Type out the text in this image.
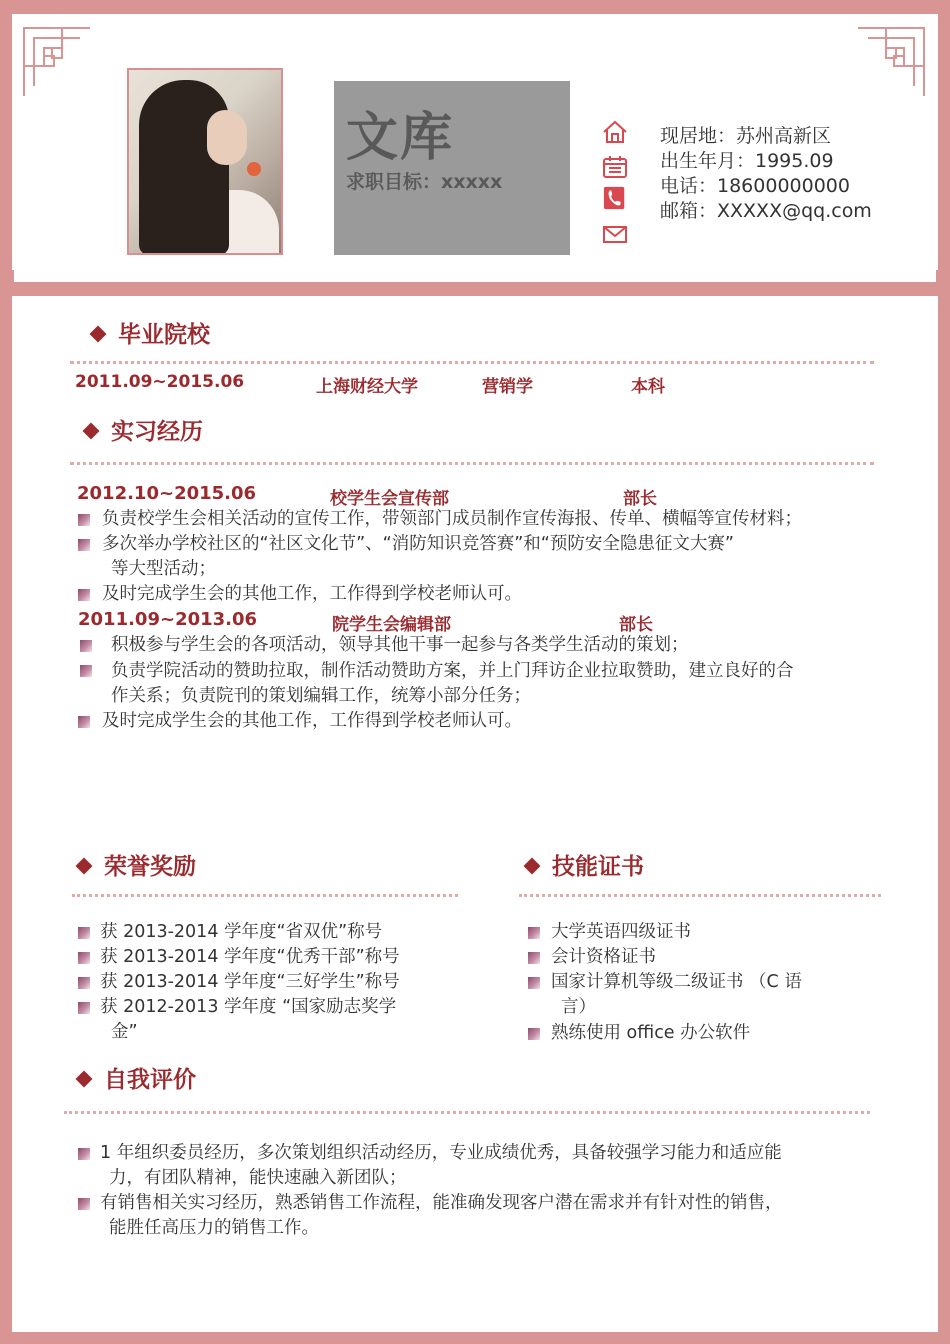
文库
求职目标：xxxxx
现居地：苏州高新区
出生年月：1995.09
电话：18600000000
邮箱：XXXXX@qq.com
毕业院校
2011.09~2015.06	上海财经大学	营销学	本科
实习经历
2012.10~2015.06	校学生会宣传部	部长
负责校学生会相关活动的宣传工作，带领部门成员制作宣传海报、传单、横幅等宣传材料；
多次举办学校社区的“社区文化节”、“消防知识竞答赛”和“预防安全隐患征文大赛”
等大型活动；
及时完成学生会的其他工作，工作得到学校老师认可。
2011.09~2013.06	院学生会编辑部	部长
积极参与学生会的各项活动，领导其他干事一起参与各类学生活动的策划；
负责学院活动的赞助拉取，制作活动赞助方案，并上门拜访企业拉取赞助，建立良好的合
作关系；负责院刊的策划编辑工作，统筹小部分任务；
及时完成学生会的其他工作，工作得到学校老师认可。
荣誉奖励
获 2013-2014 学年度“省双优”称号
获 2013-2014 学年度“优秀干部”称号
获 2013-2014 学年度“三好学生”称号
获 2012-2013 学年度 “国家励志奖学
金”
技能证书
大学英语四级证书
会计资格证书
国家计算机等级二级证书 （C 语
言）
熟练使用 office 办公软件
自我评价
1 年组织委员经历，多次策划组织活动经历，专业成绩优秀，具备较强学习能力和适应能
力，有团队精神，能快速融入新团队；
有销售相关实习经历，熟悉销售工作流程，能准确发现客户潜在需求并有针对性的销售，
能胜任高压力的销售工作。
